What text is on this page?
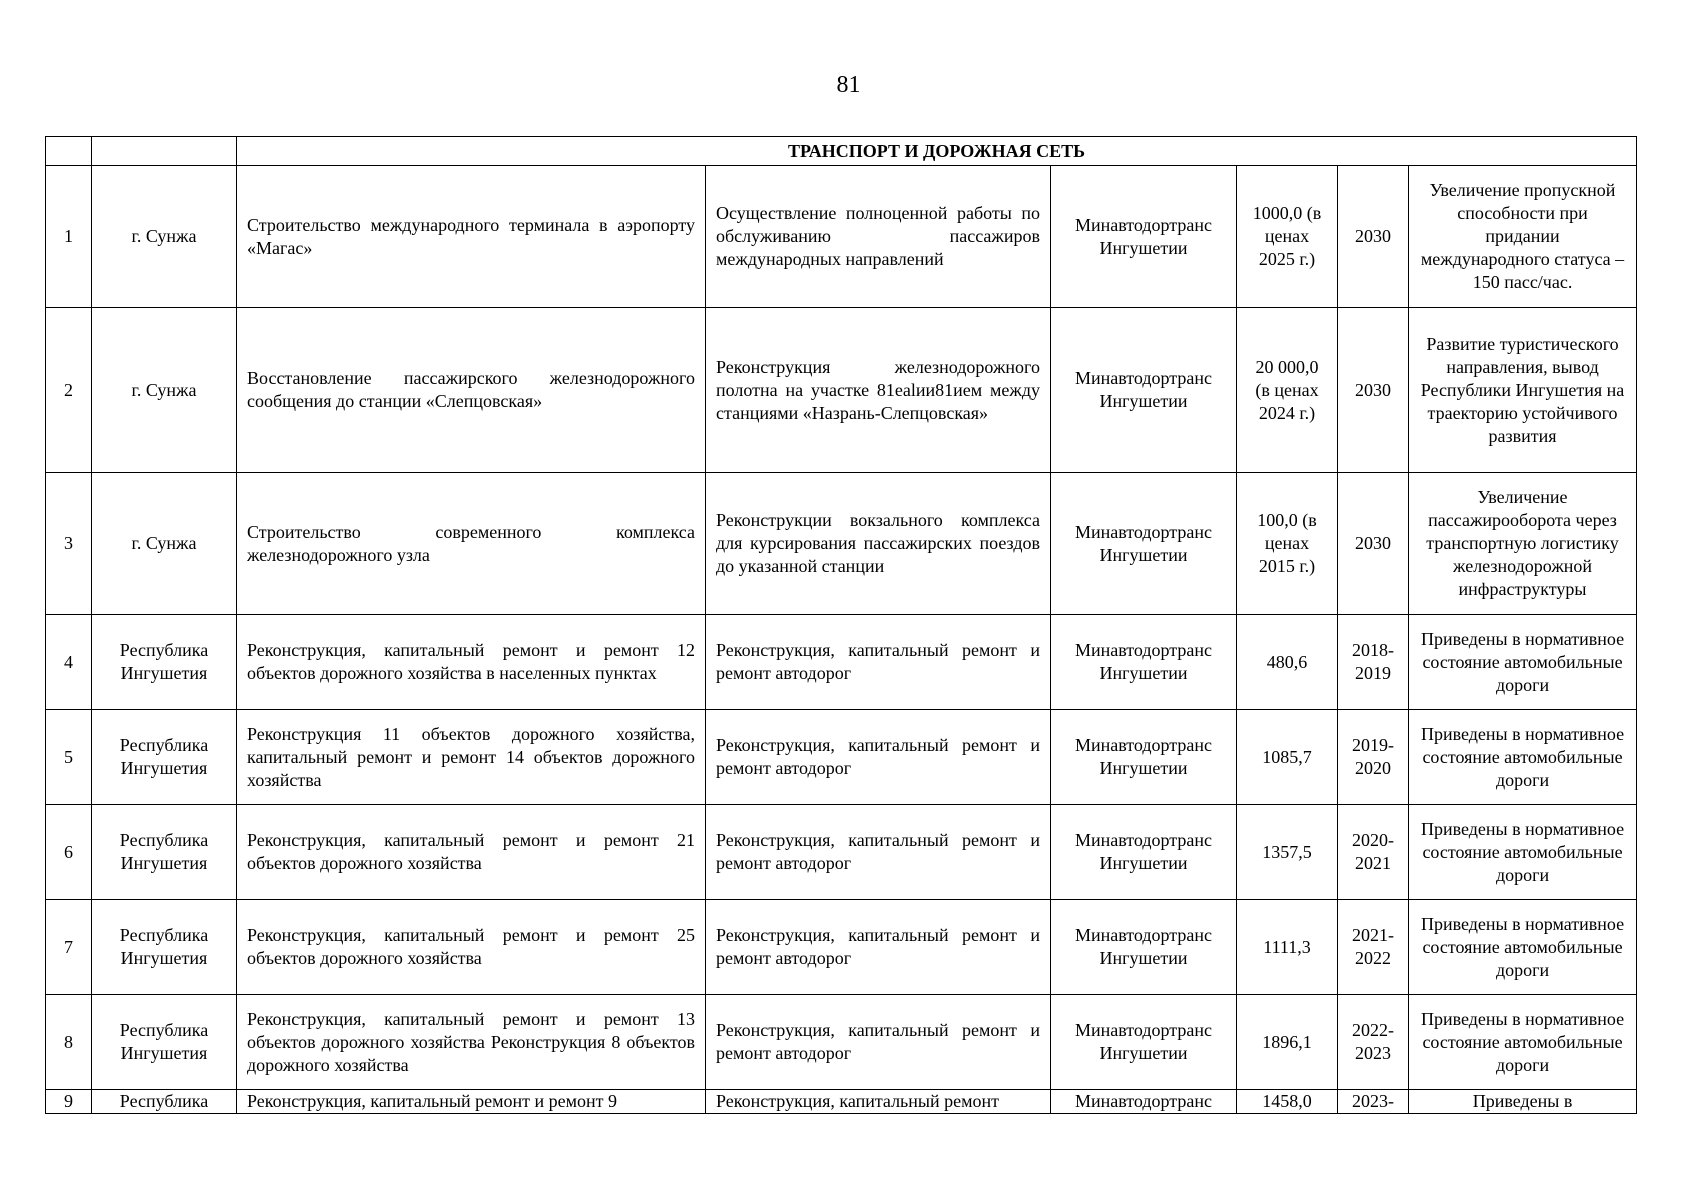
81
		ТРАНСПОРТ И ДОРОЖНАЯ СЕТЬ					
1	г. Сунжа	Строительство международного терминала в аэропорту «Магас»	Осуществление полноценной работы по обслуживанию пассажиров международных направлений	Минавтодортранс Ингушетии	1000,0 (в ценах 2025 г.)	2030	Увеличение пропускной способности при придании международного статуса – 150 пасс/час.
2	г. Сунжа	Восстановление пассажирского железнодорожного сообщения до станции «Слепцовская»	Реконструкция железнодорожного полотна на участке 81ealии81ием между станциями «Назрань-Слепцовская»	Минавтодортранс Ингушетии	20 000,0 (в ценах 2024 г.)	2030	Развитие туристического направления, вывод Республики Ингушетия на траекторию устойчивого развития
3	г. Сунжа	Строительство современного комплекса железнодорожного узла	Реконструкции вокзального комплекса для курсирования пассажирских поездов до указанной станции	Минавтодортранс Ингушетии	100,0 (в ценах 2015 г.)	2030	Увеличение пассажирооборота через транспортную логистику железнодорожной инфраструктуры
4	Республика Ингушетия	Реконструкция, капитальный ремонт и ремонт 12 объектов дорожного хозяйства в населенных пунктах	Реконструкция, капитальный ремонт и ремонт автодорог	Минавтодортранс Ингушетии	480,6	2018-2019	Приведены в нормативное состояние автомобильные дороги
5	Республика Ингушетия	Реконструкция 11 объектов дорожного хозяйства, капитальный ремонт и ремонт 14 объектов дорожного хозяйства	Реконструкция, капитальный ремонт и ремонт автодорог	Минавтодортранс Ингушетии	1085,7	2019-2020	Приведены в нормативное состояние автомобильные дороги
6	Республика Ингушетия	Реконструкция, капитальный ремонт и ремонт 21 объектов дорожного хозяйства	Реконструкция, капитальный ремонт и ремонт автодорог	Минавтодортранс Ингушетии	1357,5	2020-2021	Приведены в нормативное состояние автомобильные дороги
7	Республика Ингушетия	Реконструкция, капитальный ремонт и ремонт 25 объектов дорожного хозяйства	Реконструкция, капитальный ремонт и ремонт автодорог	Минавтодортранс Ингушетии	1111,3	2021-2022	Приведены в нормативное состояние автомобильные дороги
8	Республика Ингушетия	Реконструкция, капитальный ремонт и ремонт 13 объектов дорожного хозяйства Реконструкция 8 объектов дорожного хозяйства	Реконструкция, капитальный ремонт и ремонт автодорог	Минавтодортранс Ингушетии	1896,1	2022-2023	Приведены в нормативное состояние автомобильные дороги
9	Республика	Реконструкция, капитальный ремонт и ремонт 9	Реконструкция, капитальный ремонт	Минавтодортранс	1458,0	2023-	Приведены в
